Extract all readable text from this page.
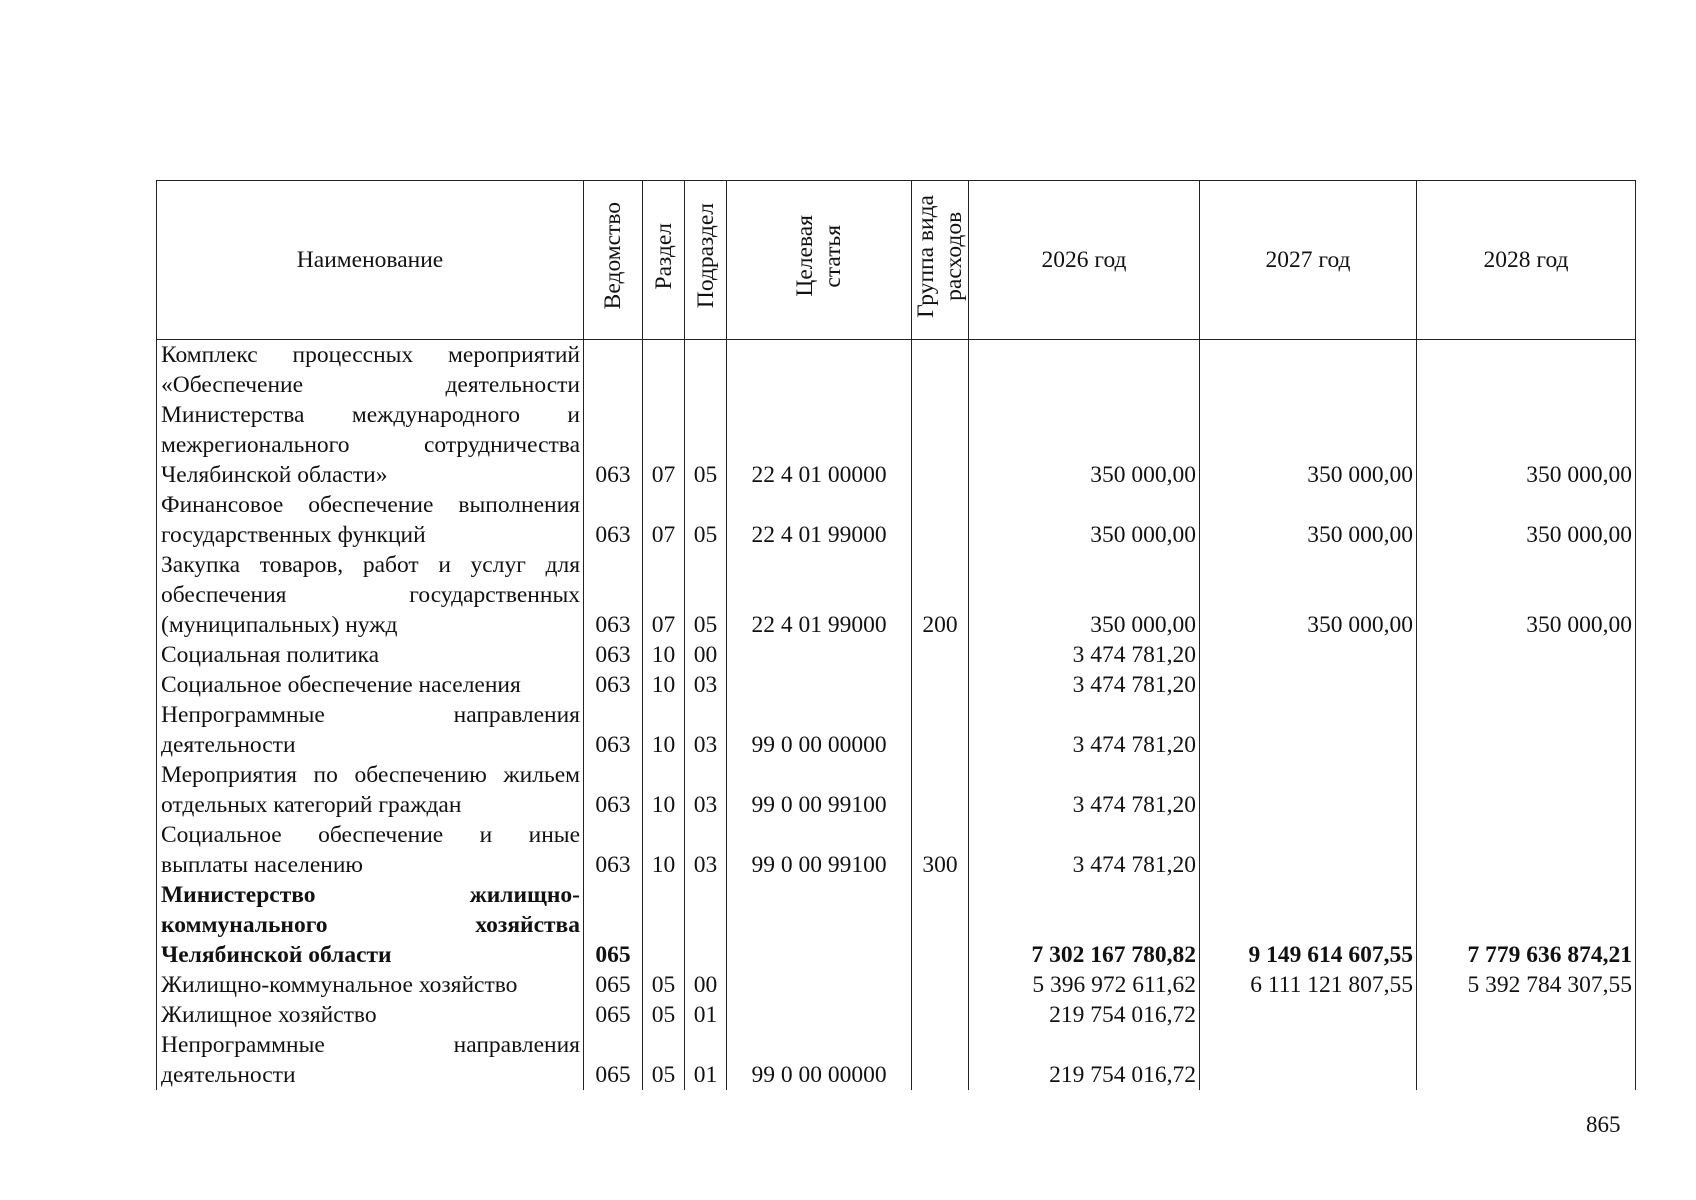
Наименование	Ведомство	Раздел	Подраздел	Целевая
статья	Группа вида
расходов	2026 год	2027 год	2028 год
Комплекс процессных мероприятий «Обеспечение деятельности Министерства международного и межрегионального сотрудничества Челябинской области»	063	07	05	22 4 01 00000		350 000,00	350 000,00	350 000,00
Финансовое обеспечение выполнения государственных функций	063	07	05	22 4 01 99000		350 000,00	350 000,00	350 000,00
Закупка товаров, работ и услуг для обеспечения государственных (муниципальных) нужд	063	07	05	22 4 01 99000	200	350 000,00	350 000,00	350 000,00
Социальная политика	063	10	00			3 474 781,20		
Социальное обеспечение населения	063	10	03			3 474 781,20		
Непрограммные направления деятельности	063	10	03	99 0 00 00000		3 474 781,20		
Мероприятия по обеспечению жильем отдельных категорий граждан	063	10	03	99 0 00 99100		3 474 781,20		
Социальное обеспечение и иные выплаты населению	063	10	03	99 0 00 99100	300	3 474 781,20		
Министерство жилищно-коммунального хозяйства Челябинской области	065					7 302 167 780,82	9 149 614 607,55	7 779 636 874,21
Жилищно-коммунальное хозяйство	065	05	00			5 396 972 611,62	6 111 121 807,55	5 392 784 307,55
Жилищное хозяйство	065	05	01			219 754 016,72		
Непрограммные направления деятельности	065	05	01	99 0 00 00000		219 754 016,72		
865
